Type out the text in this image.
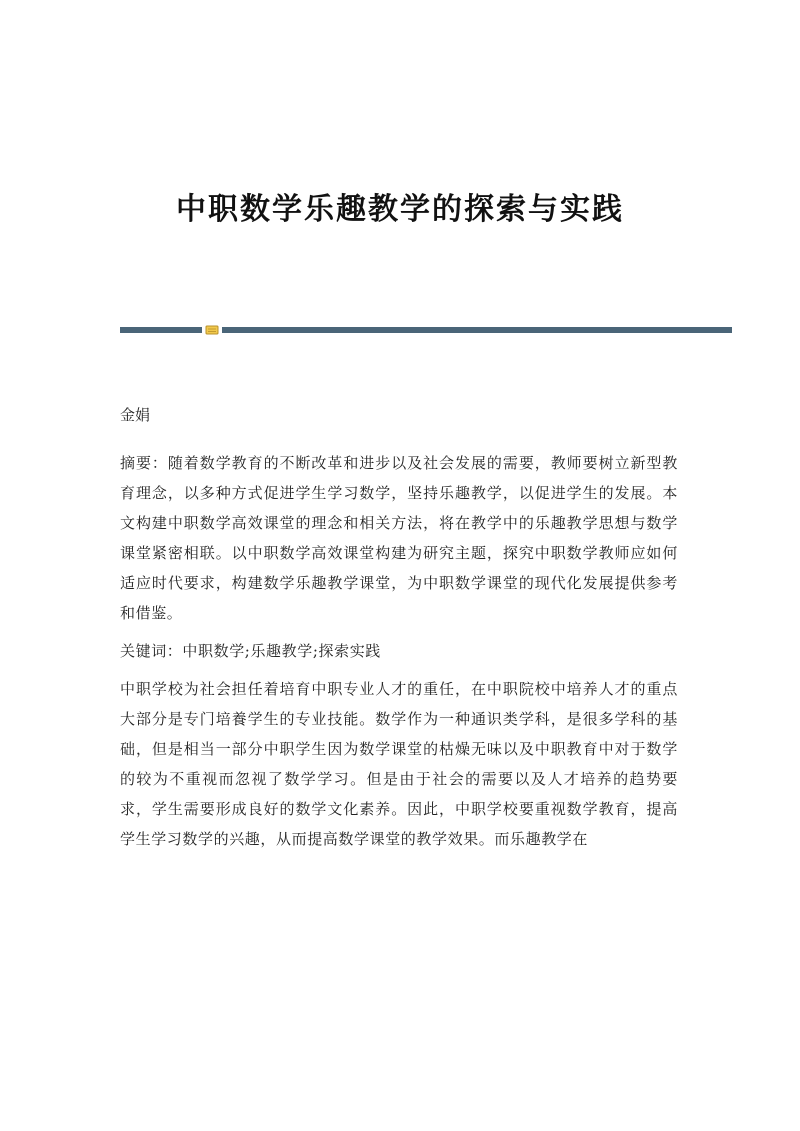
中职数学乐趣教学的探索与实践

金娟

摘要：随着数学教育的不断改革和进步以及社会发展的需要，教师要树立新型教育理念，以多种方式促进学生学习数学，坚持乐趣教学，以促进学生的发展。本文构建中职数学高效课堂的理念和相关方法，将在教学中的乐趣教学思想与数学课堂紧密相联。以中职数学高效课堂构建为研究主题，探究中职数学教师应如何适应时代要求，构建数学乐趣教学课堂，为中职数学课堂的现代化发展提供参考和借鉴。

关键词：中职数学;乐趣教学;探索实践

中职学校为社会担任着培育中职专业人才的重任，在中职院校中培养人才的重点大部分是专门培養学生的专业技能。数学作为一种通识类学科，是很多学科的基础，但是相当一部分中职学生因为数学课堂的枯燥无味以及中职教育中对于数学的较为不重视而忽视了数学学习。但是由于社会的需要以及人才培养的趋势要求，学生需要形成良好的数学文化素养。因此，中职学校要重视数学教育，提高学生学习数学的兴趣，从而提高数学课堂的教学效果。而乐趣教学在
